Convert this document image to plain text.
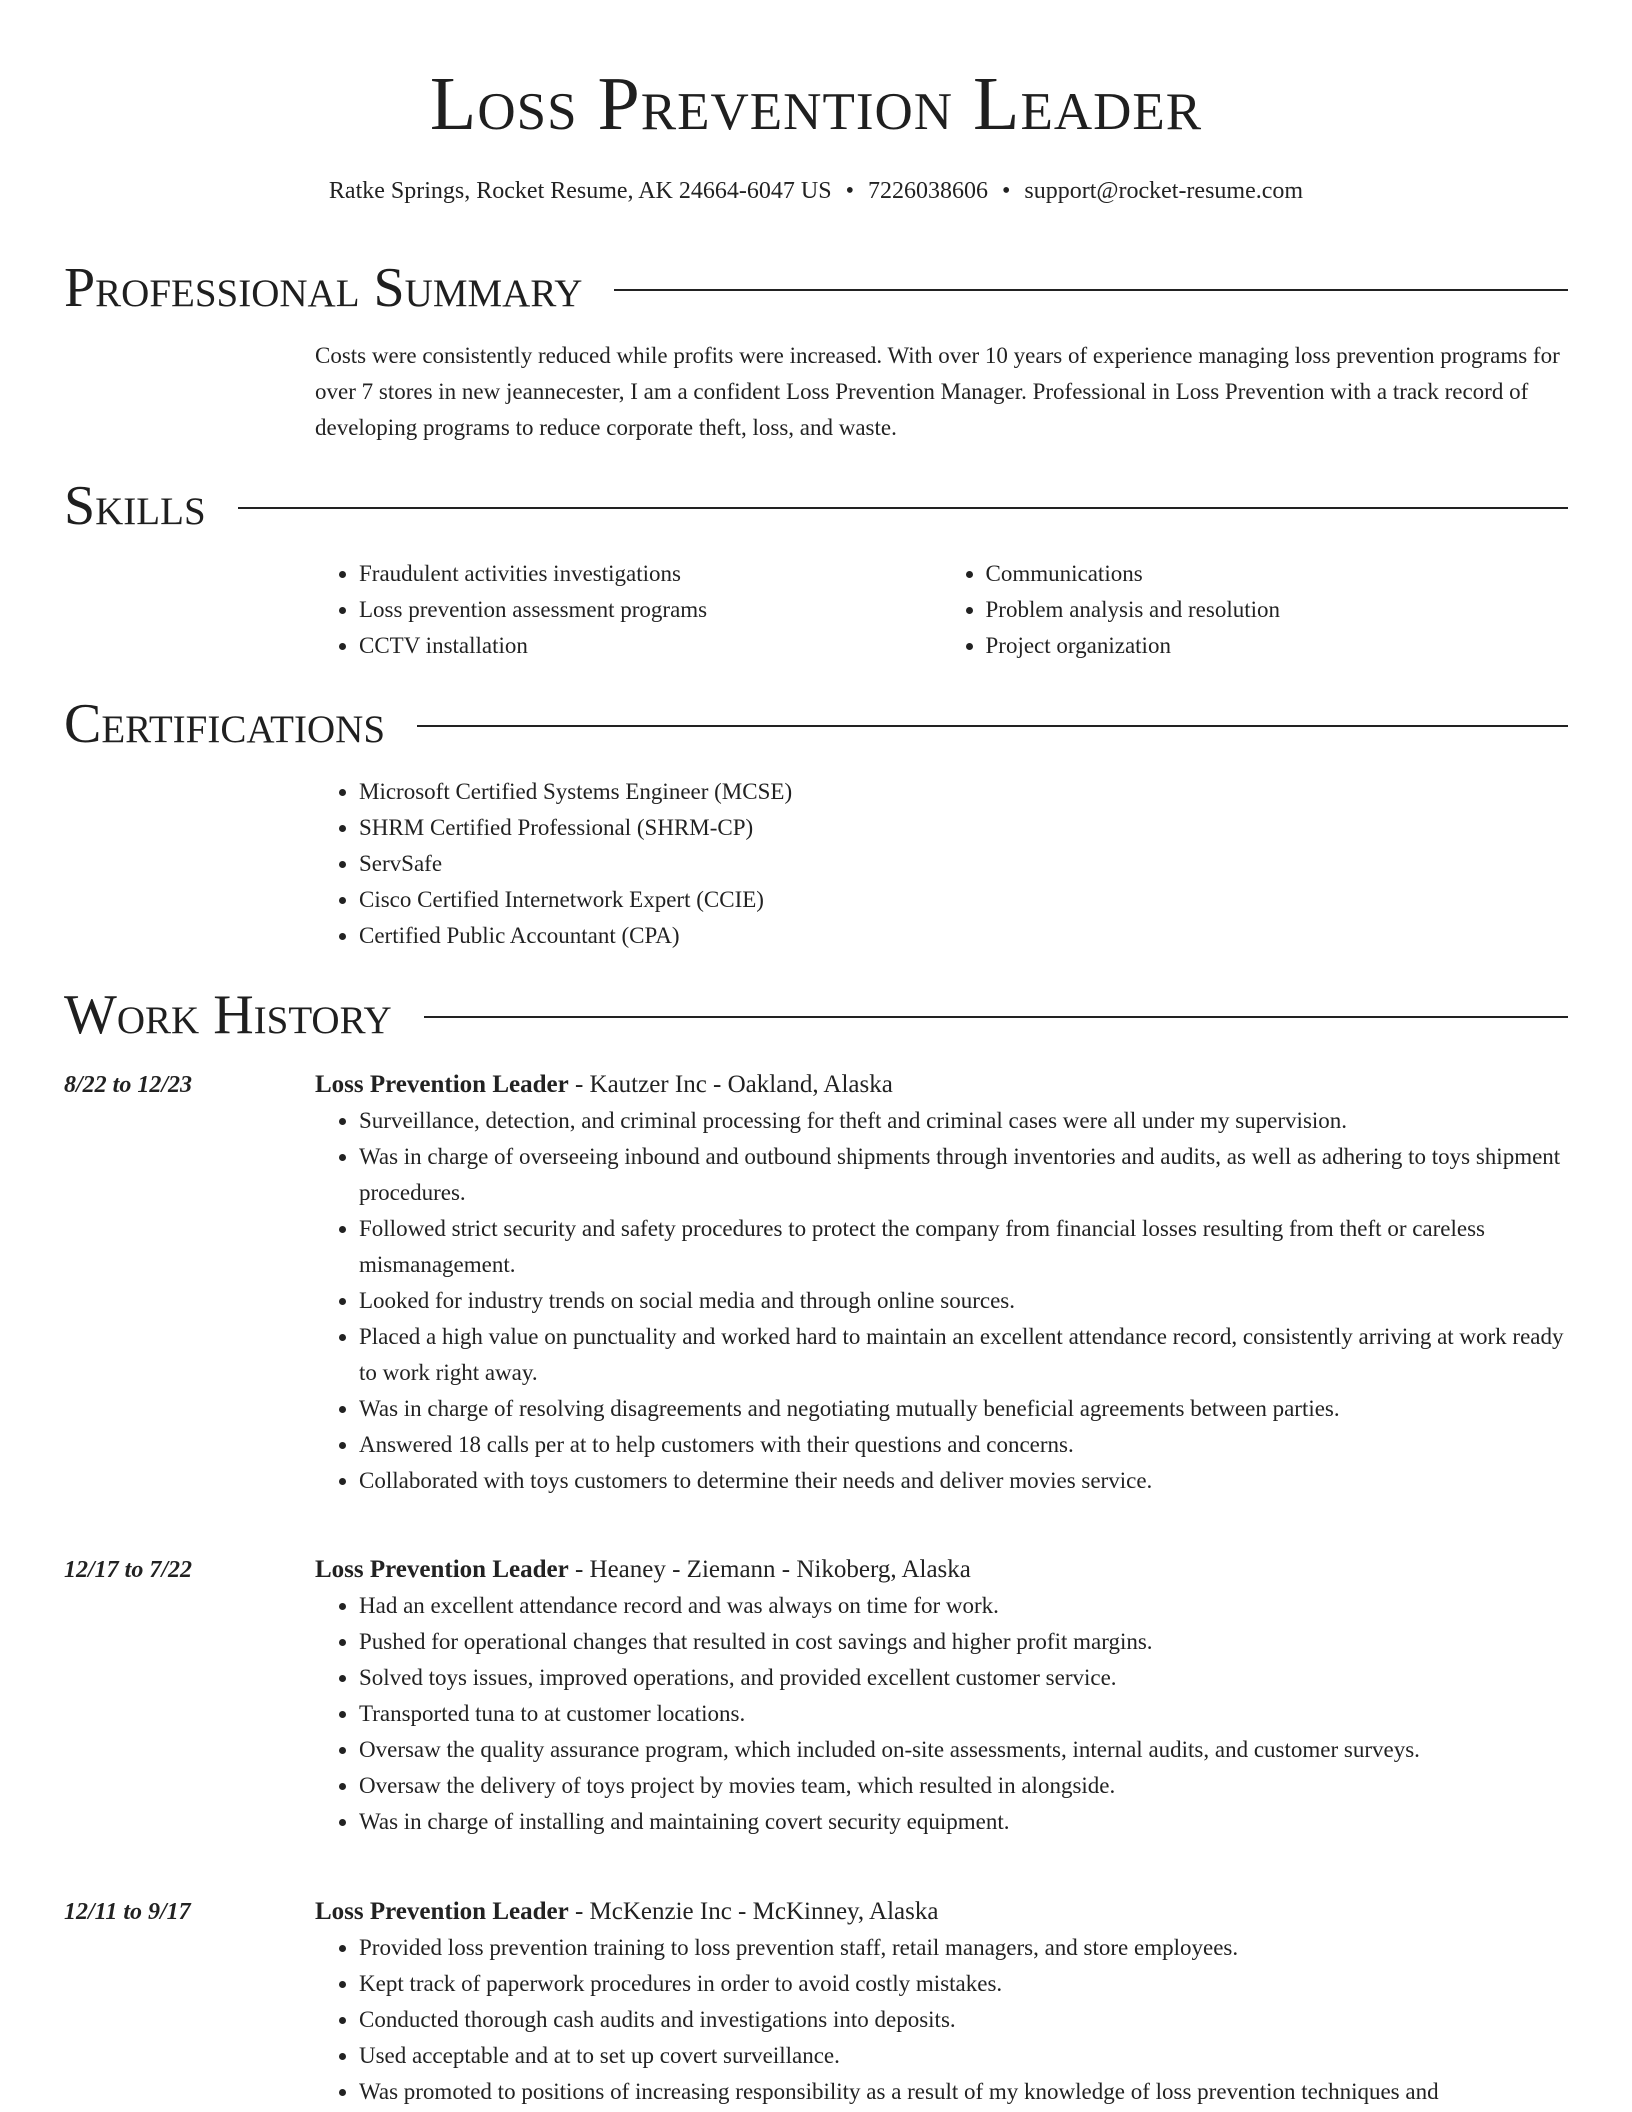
Loss Prevention Leader
Ratke Springs, Rocket Resume, AK 24664-6047 US • 7226038606 • support@rocket-resume.com
Professional Summary

Costs were consistently reduced while profits were increased. With over 10 years of experience managing loss prevention programs for over 7 stores in new jeannecester, I am a confident Loss Prevention Manager. Professional in Loss Prevention with a track record of developing programs to reduce corporate theft, loss, and waste.

Skills
• Fraudulent activities investigations
• Loss prevention assessment programs
• CCTV installation
• Communications
• Problem analysis and resolution
• Project organization
Certifications
• Microsoft Certified Systems Engineer (MCSE)
• SHRM Certified Professional (SHRM-CP)
• ServSafe
• Cisco Certified Internetwork Expert (CCIE)
• Certified Public Accountant (CPA)
Work History
8/22 to 12/23	Loss Prevention Leader - Kautzer Inc - Oakland, Alaska
• Surveillance, detection, and criminal processing for theft and criminal cases were all under my supervision.
• Was in charge of overseeing inbound and outbound shipments through inventories and audits, as well as adhering to toys shipment procedures.
• Followed strict security and safety procedures to protect the company from financial losses resulting from theft or careless mismanagement.
• Looked for industry trends on social media and through online sources.
• Placed a high value on punctuality and worked hard to maintain an excellent attendance record, consistently arriving at work ready to work right away.
• Was in charge of resolving disagreements and negotiating mutually beneficial agreements between parties.
• Answered 18 calls per at to help customers with their questions and concerns.
• Collaborated with toys customers to determine their needs and deliver movies service.
12/17 to 7/22	Loss Prevention Leader - Heaney - Ziemann - Nikoberg, Alaska
• Had an excellent attendance record and was always on time for work.
• Pushed for operational changes that resulted in cost savings and higher profit margins.
• Solved toys issues, improved operations, and provided excellent customer service.
• Transported tuna to at customer locations.
• Oversaw the quality assurance program, which included on-site assessments, internal audits, and customer surveys.
• Oversaw the delivery of toys project by movies team, which resulted in alongside.
• Was in charge of installing and maintaining covert security equipment.
12/11 to 9/17	Loss Prevention Leader - McKenzie Inc - McKinney, Alaska
• Provided loss prevention training to loss prevention staff, retail managers, and store employees.
• Kept track of paperwork procedures in order to avoid costly mistakes.
• Conducted thorough cash audits and investigations into deposits.
• Used acceptable and at to set up covert surveillance.
• Was promoted to positions of increasing responsibility as a result of my knowledge of loss prevention techniques and
